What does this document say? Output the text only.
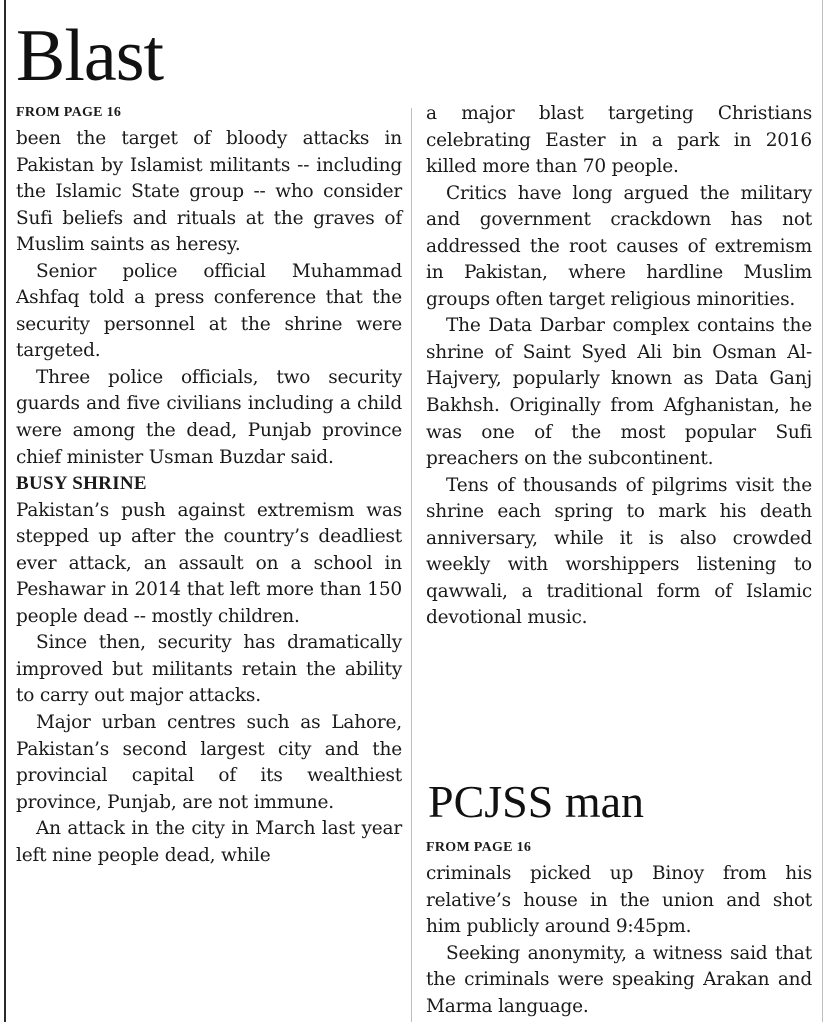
Blast
FROM PAGE 16

been the target of bloody attacks in Pakistan by Islamist militants -- including the Islamic State group -- who consider Sufi beliefs and rituals at the graves of Muslim saints as heresy.

Senior police official Muhammad Ashfaq told a press conference that the security personnel at the shrine were targeted.

Three police officials, two security guards and five civilians including a child were among the dead, Punjab province chief minister Usman Buzdar said.

BUSY SHRINE

Pakistan’s push against extremism was stepped up after the country’s deadliest ever attack, an assault on a school in Peshawar in 2014 that left more than 150 people dead -- mostly children.

Since then, security has dramatically improved but militants retain the ability to carry out major attacks.

Major urban centres such as Lahore, Pakistan’s second largest city and the provincial capital of its wealthiest province, Punjab, are not immune.

An attack in the city in March last year left nine people dead, while

a major blast targeting Christians celebrating Easter in a park in 2016 killed more than 70 people.

Critics have long argued the military and government crackdown has not addressed the root causes of extremism in Pakistan, where hardline Muslim groups often target religious minorities.

The Data Darbar complex contains the shrine of Saint Syed Ali bin Osman Al-Hajvery, popularly known as Data Ganj Bakhsh. Originally from Afghanistan, he was one of the most popular Sufi preachers on the subcontinent.

Tens of thousands of pilgrims visit the shrine each spring to mark his death anniversary, while it is also crowded weekly with worshippers listening to qawwali, a traditional form of Islamic devotional music.

PCJSS man
FROM PAGE 16

criminals picked up Binoy from his relative’s house in the union and shot him publicly around 9:45pm.

Seeking anonymity, a witness said that the criminals were speaking Arakan and Marma language.
